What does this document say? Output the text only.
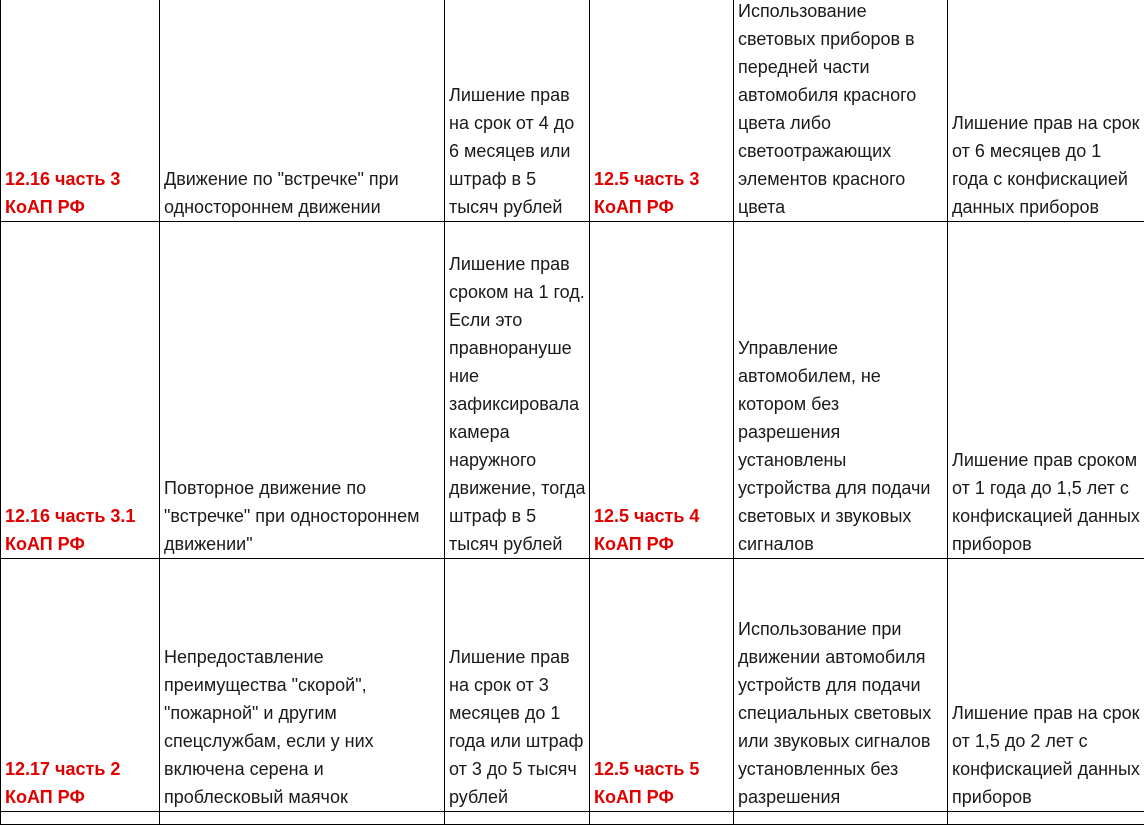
12.16 часть 3 КоАП РФ	Движение по "встречке" при одностороннем движении	Лишение прав на срок от 4 до 6 месяцев или штраф в 5 тысяч рублей	12.5 часть 3 КоАП РФ	Использование световых приборов в передней части автомобиля красного цвета либо светоотражающих элементов красного цвета	Лишение прав на срок от 6 месяцев до 1 года с конфискацией данных приборов
12.16 часть 3.1 КоАП РФ	Повторное движение по "встречке" при одностороннем движении"	Лишение прав сроком на 1 год. Если это правнорануше ние зафиксировала камера наружного движение, тогда штраф в 5 тысяч рублей	12.5 часть 4 КоАП РФ	Управление автомобилем, не котором без разрешения установлены устройства для подачи световых и звуковых сигналов	Лишение прав сроком от 1 года до 1,5 лет с конфискацией данных приборов
12.17 часть 2 КоАП РФ	Непредоставление преимущества "скорой", "пожарной" и другим спецслужбам, если у них включена серена и проблесковый маячок	Лишение прав на срок от 3 месяцев до 1 года или штраф от 3 до 5 тысяч рублей	12.5 часть 5 КоАП РФ	Использование при движении автомобиля устройств для подачи специальных световых или звуковых сигналов установленных без разрешения	Лишение прав на срок от 1,5 до 2 лет с конфискацией данных приборов
